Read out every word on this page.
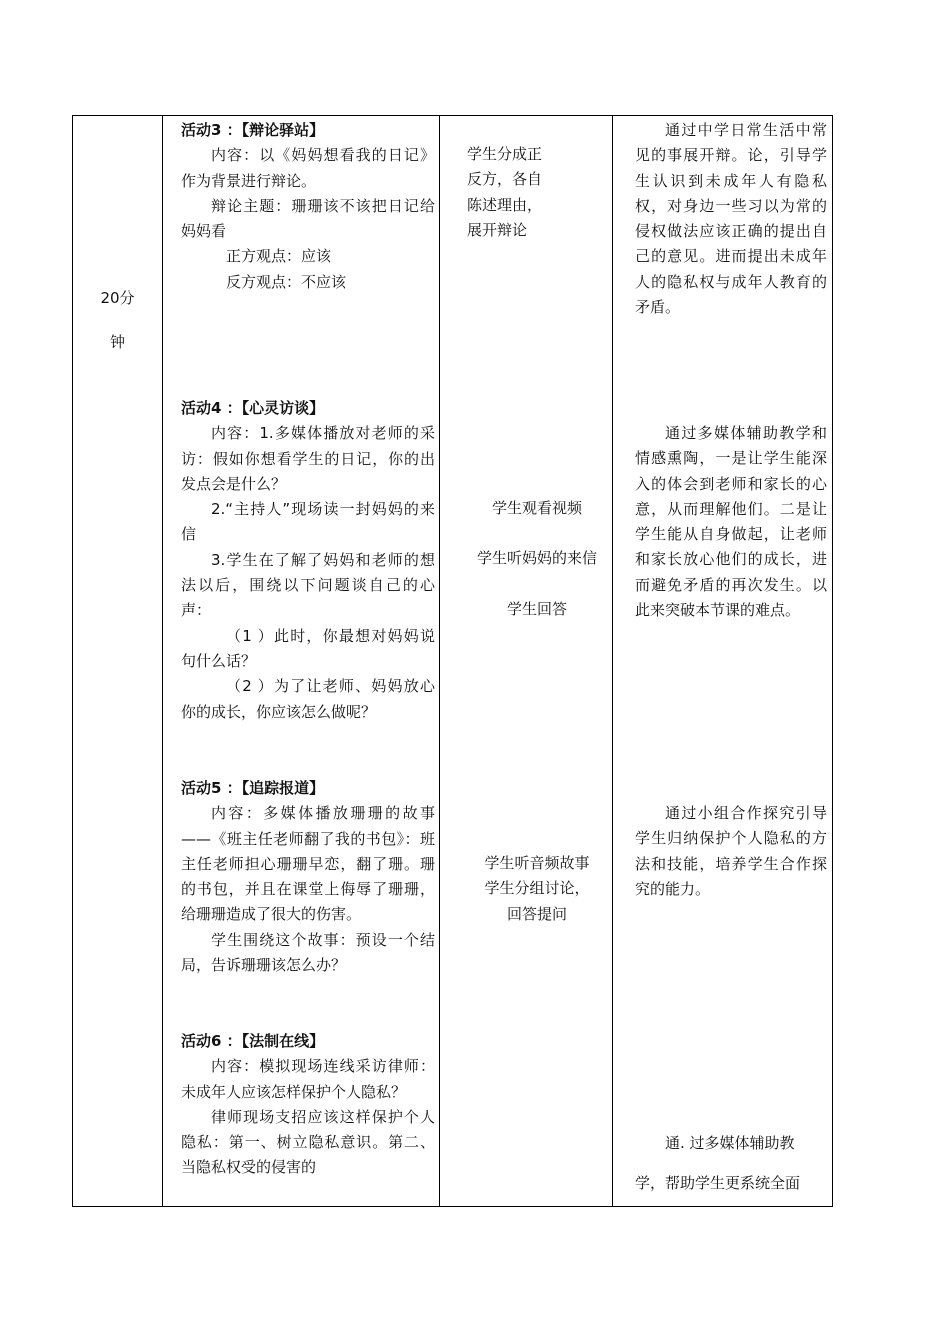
20分
钟
活动3 ：【辩论驿站】
内容：以《妈妈想看我的日记》作为背景进行辩论。
辩论主题：珊珊该不该把日记给妈妈看
正方观点：应该
反方观点：不应该
活动4 ：【心灵访谈】
内容：1.多媒体播放对老师的采访：假如你想看学生的日记，你的出发点会是什么？
2.“主持人”现场读一封妈妈的来信
3.学生在了解了妈妈和老师的想法以后，围绕以下问题谈自己的心声：
（1 ）此时，你最想对妈妈说句什么话？
（2 ）为了让老师、妈妈放心你的成长，你应该怎么做呢？
活动5 ：【追踪报道】
内容：多媒体播放珊珊的故事——《班主任老师翻了我的书包》：班主任老师担心珊珊早恋，翻了珊。珊的书包，并且在课堂上侮辱了珊珊，给珊珊造成了很大的伤害。
学生围绕这个故事：预设一个结局，告诉珊珊该怎么办？
活动6 ：【法制在线】
内容：模拟现场连线采访律师：未成年人应该怎样保护个人隐私？
律师现场支招应该这样保护个人隐私：第一、树立隐私意识。第二、当隐私权受的侵害的
学生分成正
反方，各自
陈述理由，
展开辩论
学生观看视频
学生听妈妈的来信
学生回答
学生听音频故事
学生分组讨论，
回答提问
通过中学日常生活中常见的事展开辩。论，引导学生认识到未成年人有隐私权，对身边一些习以为常的侵权做法应该正确的提出自己的意见。进而提出未成年人的隐私权与成年人教育的矛盾。
通过多媒体辅助教学和情感熏陶，一是让学生能深入的体会到老师和家长的心意，从而理解他们。二是让学生能从自身做起，让老师和家长放心他们的成长，进而避免矛盾的再次发生。以此来突破本节课的难点。
通过小组合作探究引导学生归纳保护个人隐私的方法和技能，培养学生合作探究的能力。
通. 过多媒体辅助教
学，帮助学生更系统全面
